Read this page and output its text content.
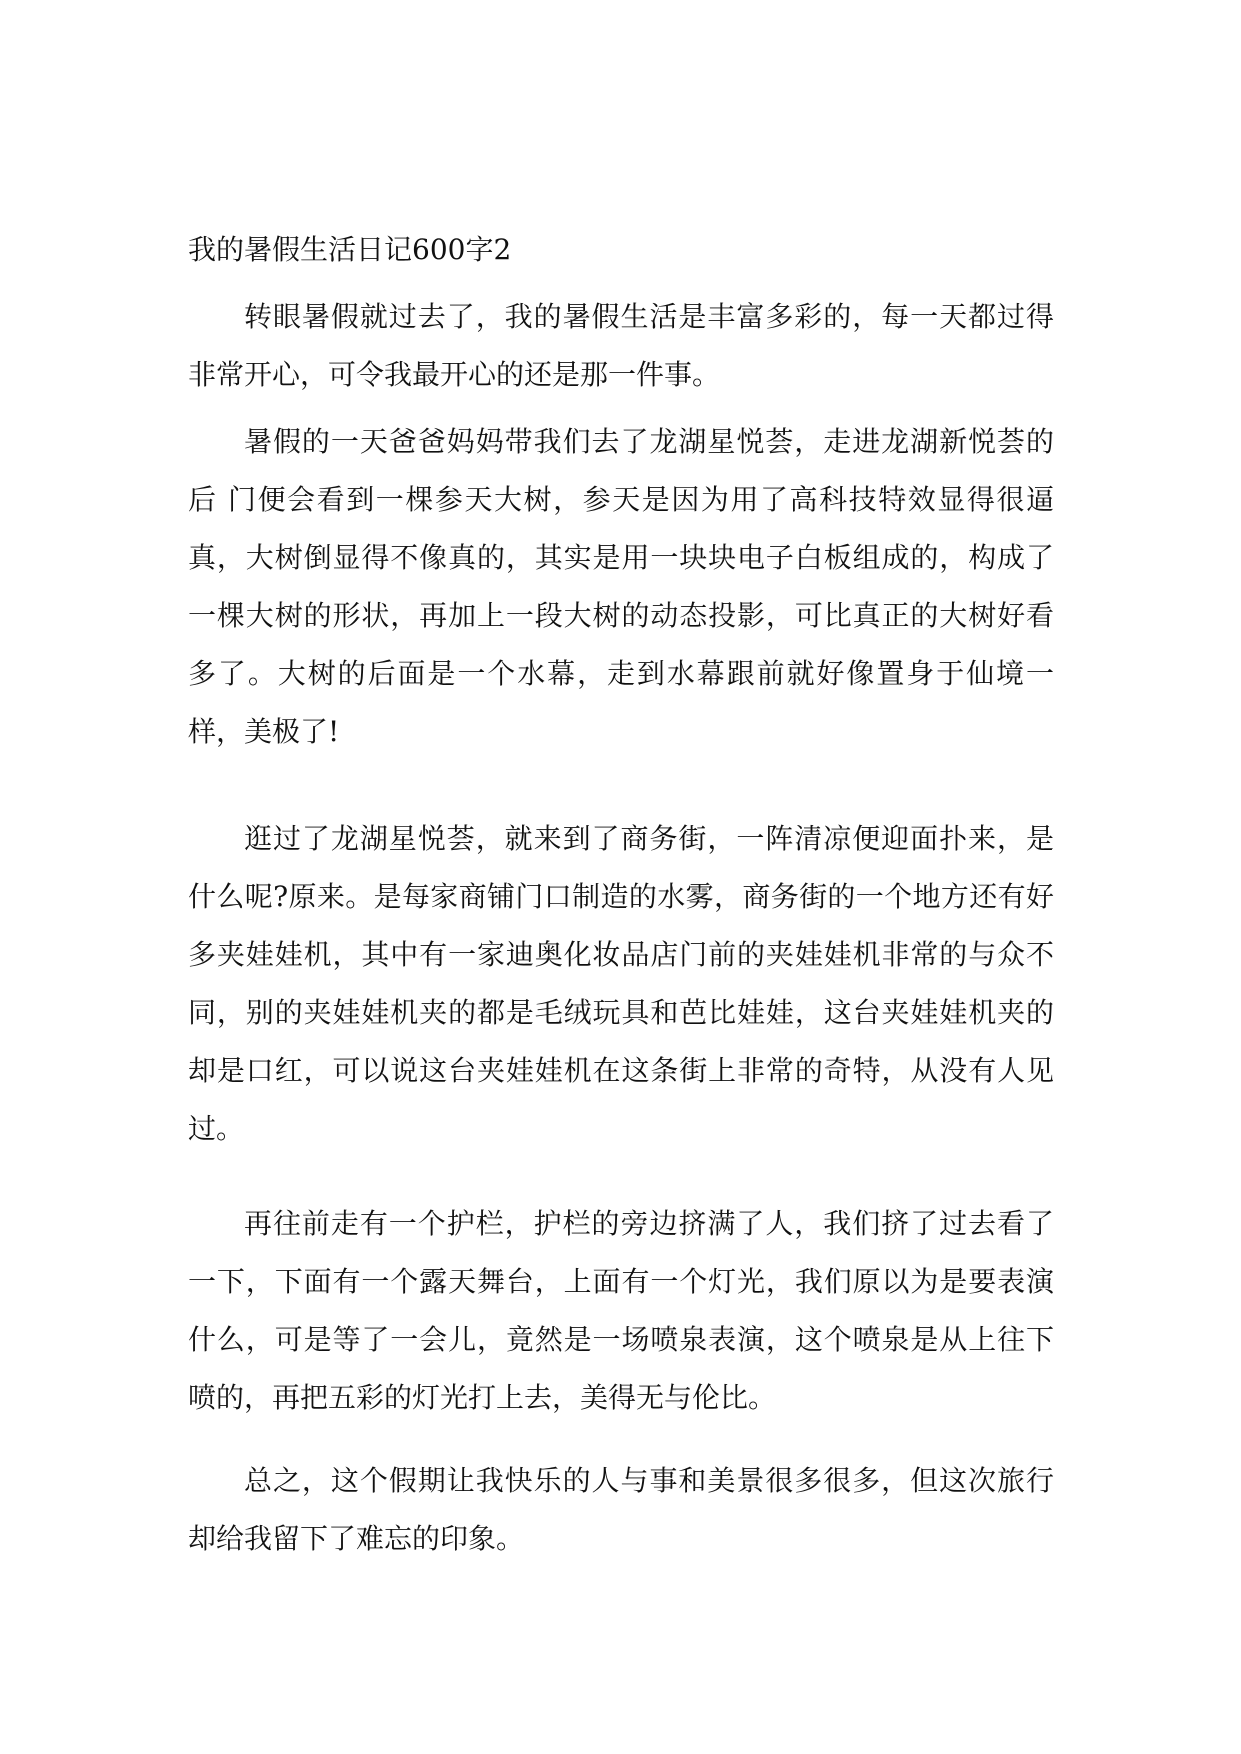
我的暑假生活日记600字2

转眼暑假就过去了，我的暑假生活是丰富多彩的，每一天都过得非常开心，可令我最开心的还是那一件事。

暑假的一天爸爸妈妈带我们去了龙湖星悦荟，走进龙湖新悦荟的后 门便会看到一棵参天大树，参天是因为用了高科技特效显得很逼真，大树倒显得不像真的，其实是用一块块电子白板组成的，构成了一棵大树的形状，再加上一段大树的动态投影，可比真正的大树好看多了。大树的后面是一个水幕，走到水幕跟前就好像置身于仙境一样，美极了!

逛过了龙湖星悦荟，就来到了商务街，一阵清凉便迎面扑来，是什么呢?原来。是每家商铺门口制造的水雾，商务街的一个地方还有好多夹娃娃机，其中有一家迪奥化妆品店门前的夹娃娃机非常的与众不同，别的夹娃娃机夹的都是毛绒玩具和芭比娃娃，这台夹娃娃机夹的却是口红，可以说这台夹娃娃机在这条街上非常的奇特，从没有人见过。

再往前走有一个护栏，护栏的旁边挤满了人，我们挤了过去看了一下，下面有一个露天舞台，上面有一个灯光，我们原以为是要表演什么，可是等了一会儿，竟然是一场喷泉表演，这个喷泉是从上往下喷的，再把五彩的灯光打上去，美得无与伦比。

总之，这个假期让我快乐的人与事和美景很多很多，但这次旅行却给我留下了难忘的印象。
